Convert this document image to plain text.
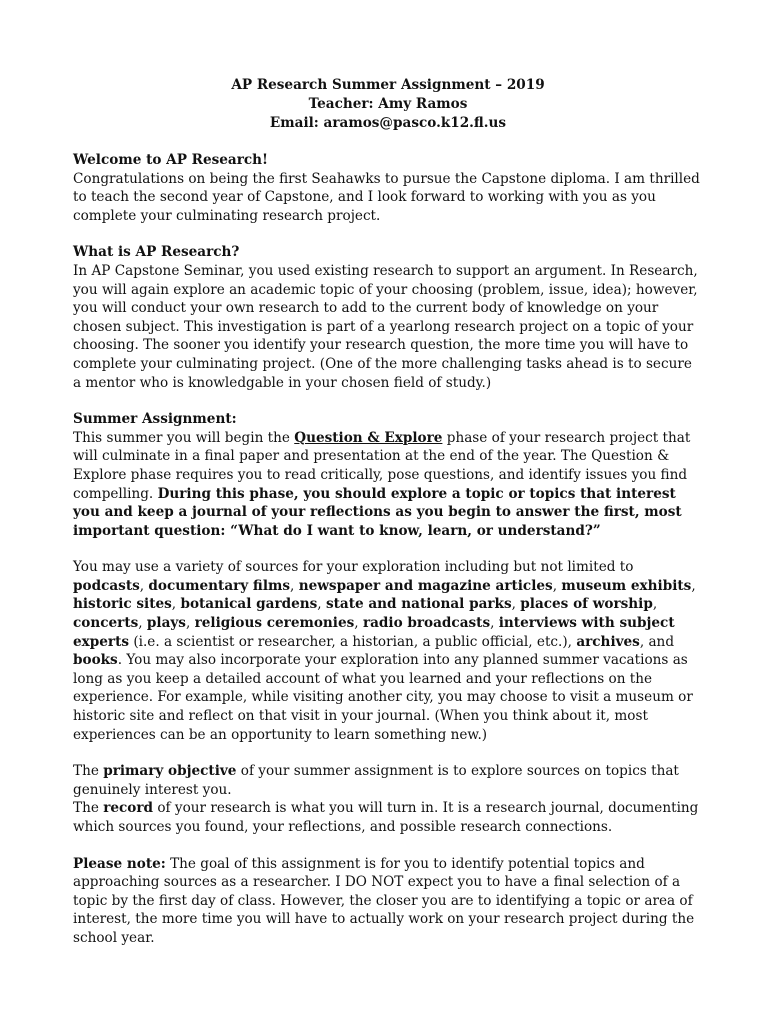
AP Research Summer Assignment – 2019
Teacher: Amy Ramos
Email: aramos@pasco.k12.fl.us
Welcome to AP Research!

Congratulations on being the first Seahawks to pursue the Capstone diploma. I am thrilled to teach the second year of Capstone, and I look forward to working with you as you complete your culminating research project.

What is AP Research?

In AP Capstone Seminar, you used existing research to support an argument. In Research, you will again explore an academic topic of your choosing (problem, issue, idea); however, you will conduct your own research to add to the current body of knowledge on your chosen subject. This investigation is part of a yearlong research project on a topic of your choosing. The sooner you identify your research question, the more time you will have to complete your culminating project. (One of the more challenging tasks ahead is to secure a mentor who is knowledgable in your chosen field of study.)

Summer Assignment:

This summer you will begin the Question & Explore phase of your research project that will culminate in a final paper and presentation at the end of the year. The Question & Explore phase requires you to read critically, pose questions, and identify issues you find compelling. During this phase, you should explore a topic or topics that interest you and keep a journal of your reflections as you begin to answer the first, most important question: “What do I want to know, learn, or understand?”

You may use a variety of sources for your exploration including but not limited to podcasts, documentary films, newspaper and magazine articles, museum exhibits, historic sites, botanical gardens, state and national parks, places of worship, concerts, plays, religious ceremonies, radio broadcasts, interviews with subject experts (i.e. a scientist or researcher, a historian, a public official, etc.), archives, and books. You may also incorporate your exploration into any planned summer vacations as long as you keep a detailed account of what you learned and your reflections on the experience. For example, while visiting another city, you may choose to visit a museum or historic site and reflect on that visit in your journal. (When you think about it, most experiences can be an opportunity to learn something new.)

The primary objective of your summer assignment is to explore sources on topics that genuinely interest you.

The record of your research is what you will turn in. It is a research journal, documenting which sources you found, your reflections, and possible research connections.

Please note: The goal of this assignment is for you to identify potential topics and approaching sources as a researcher. I DO NOT expect you to have a final selection of a topic by the first day of class. However, the closer you are to identifying a topic or area of interest, the more time you will have to actually work on your research project during the school year.
